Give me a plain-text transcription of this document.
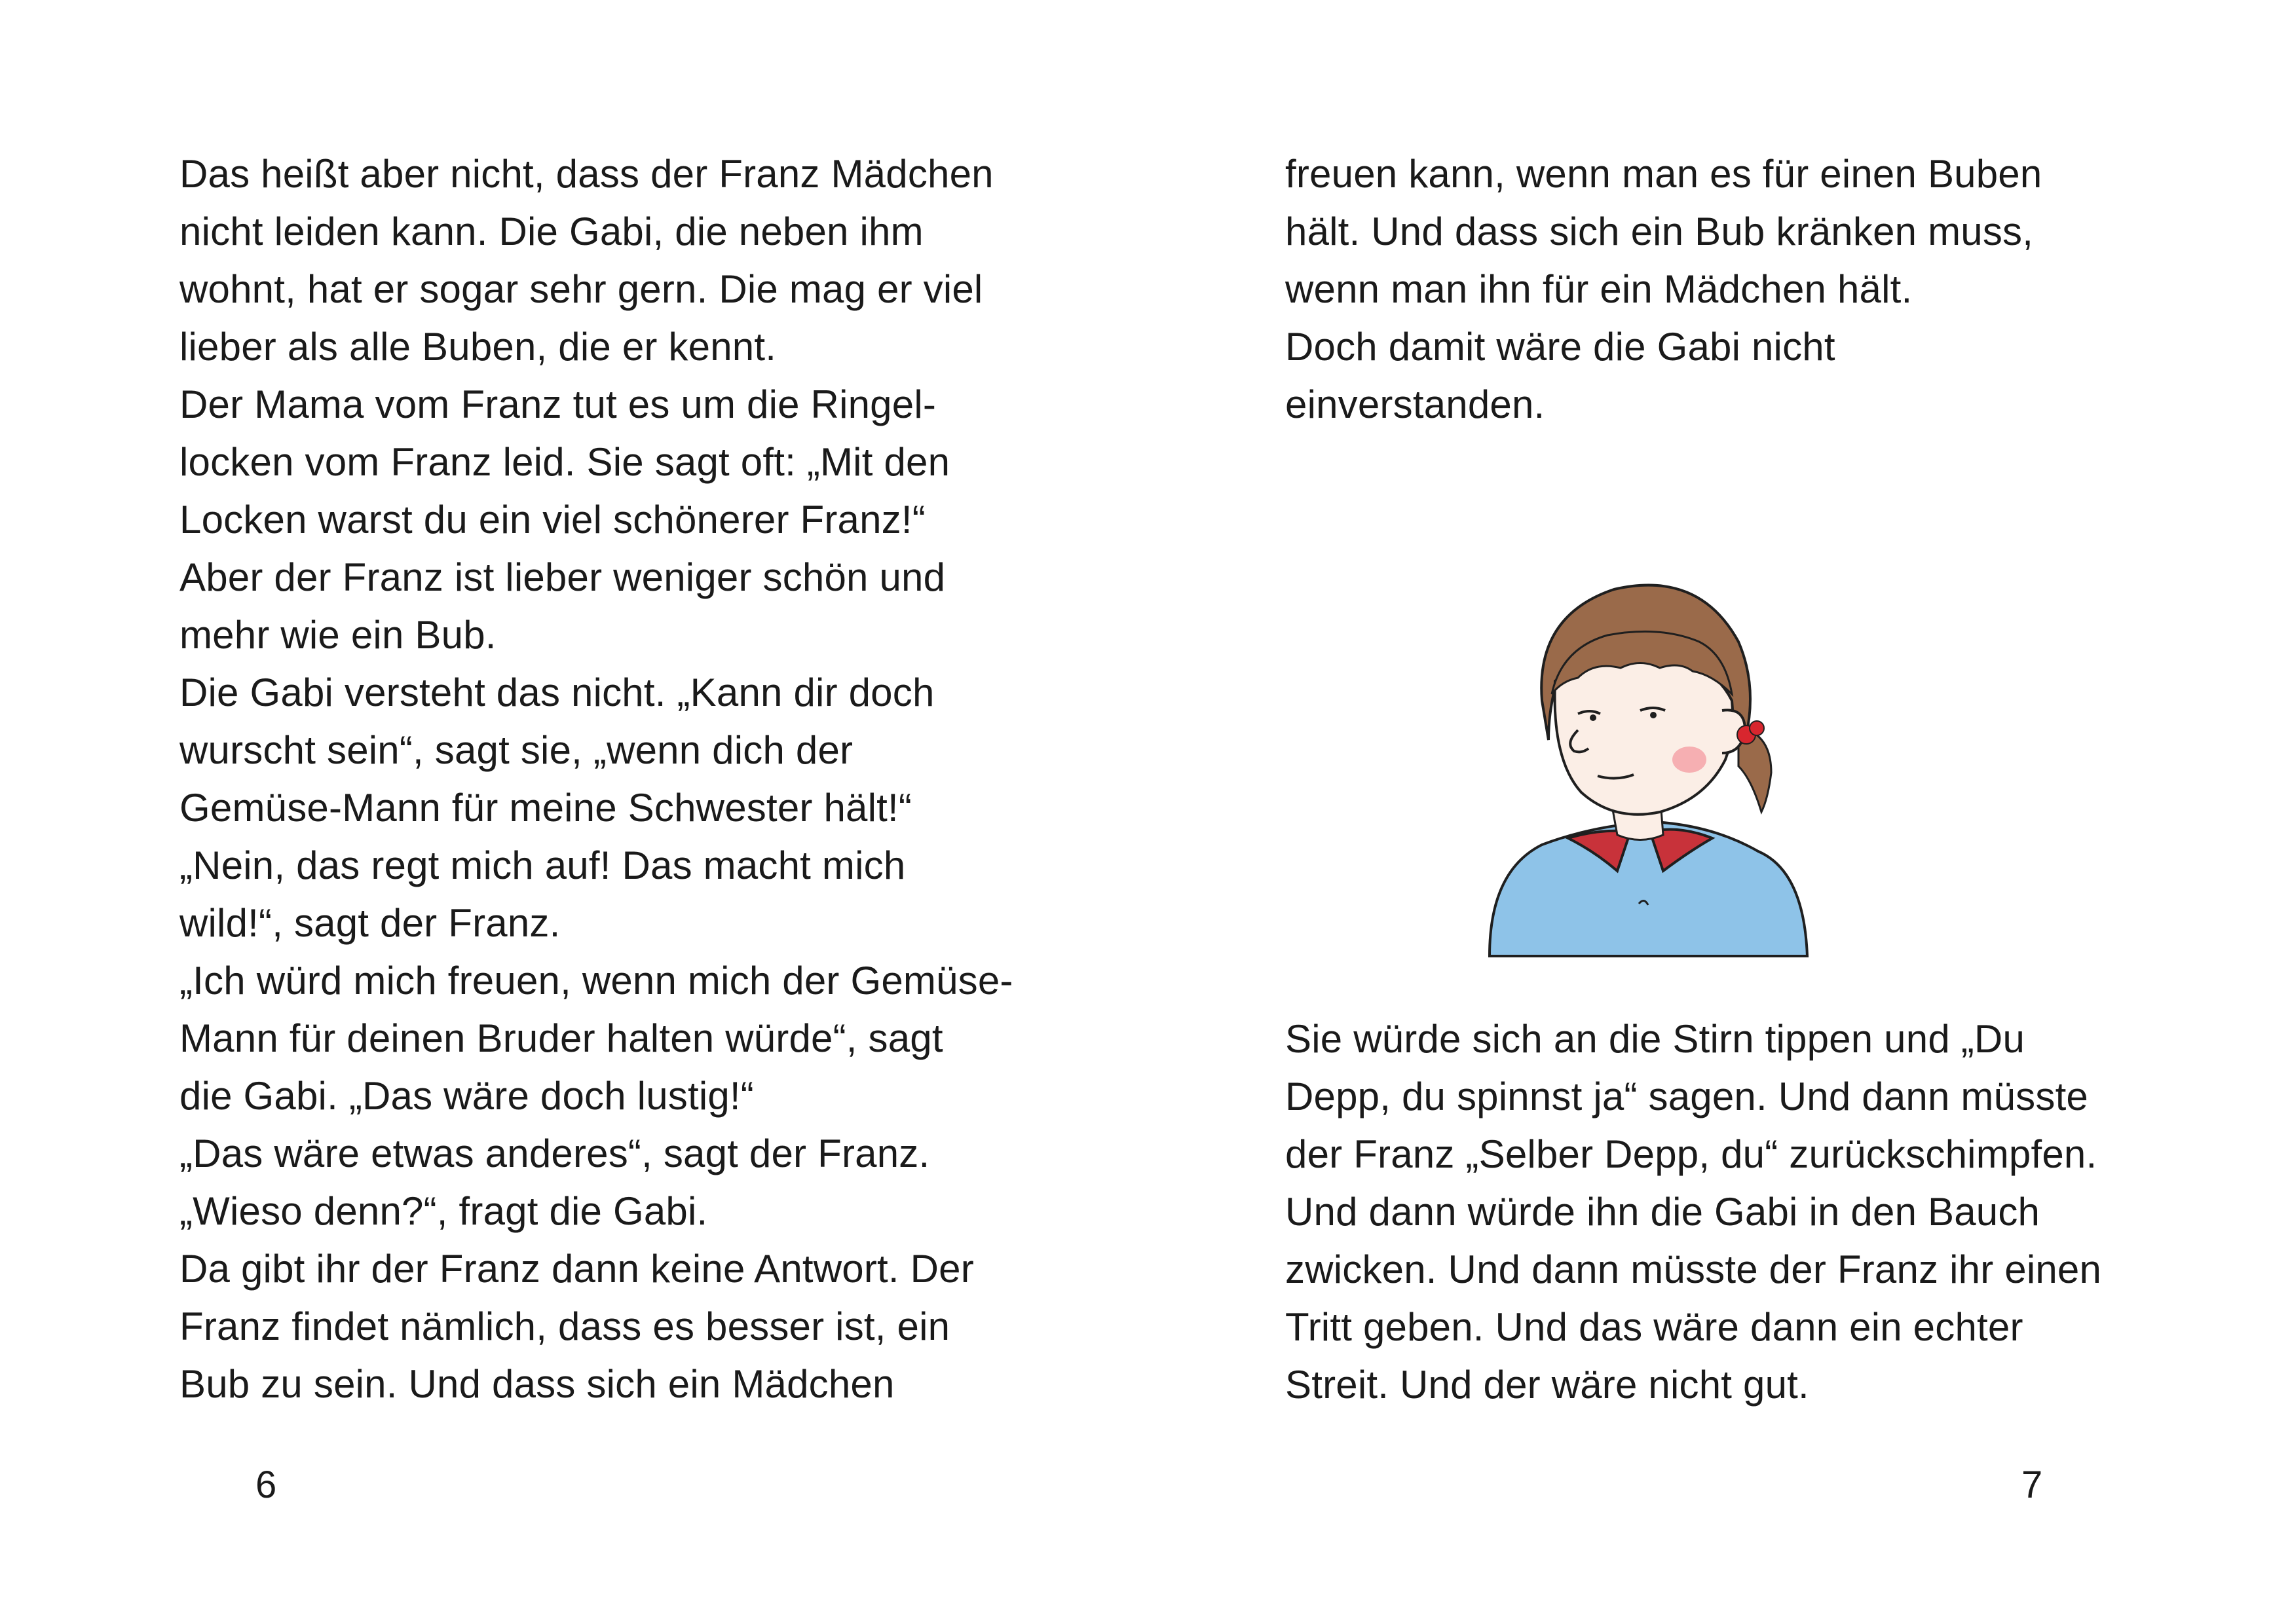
Das heißt aber nicht, dass der Franz Mädchen
nicht leiden kann. Die Gabi, die neben ihm
wohnt, hat er sogar sehr gern. Die mag er viel
lieber als alle Buben, die er kennt.
Der Mama vom Franz tut es um die Ringel-
locken vom Franz leid. Sie sagt oft: „Mit den
Locken warst du ein viel schönerer Franz!“
Aber der Franz ist lieber weniger schön und
mehr wie ein Bub.
Die Gabi versteht das nicht. „Kann dir doch
wurscht sein“, sagt sie, „wenn dich der
Gemüse-Mann für meine Schwester hält!“
„Nein, das regt mich auf! Das macht mich
wild!“, sagt der Franz.
„Ich würd mich freuen, wenn mich der Gemüse-
Mann für deinen Bruder halten würde“, sagt
die Gabi. „Das wäre doch lustig!“
„Das wäre etwas anderes“, sagt der Franz.
„Wieso denn?“, fragt die Gabi.
Da gibt ihr der Franz dann keine Antwort. Der
Franz findet nämlich, dass es besser ist, ein
Bub zu sein. Und dass sich ein Mädchen
6
freuen kann, wenn man es für einen Buben
hält. Und dass sich ein Bub kränken muss,
wenn man ihn für ein Mädchen hält.
Doch damit wäre die Gabi nicht
einverstanden.
Sie würde sich an die Stirn tippen und „Du
Depp, du spinnst ja“ sagen. Und dann müsste
der Franz „Selber Depp, du“ zurückschimpfen.
Und dann würde ihn die Gabi in den Bauch
zwicken. Und dann müsste der Franz ihr einen
Tritt geben. Und das wäre dann ein echter
Streit. Und der wäre nicht gut.
7
